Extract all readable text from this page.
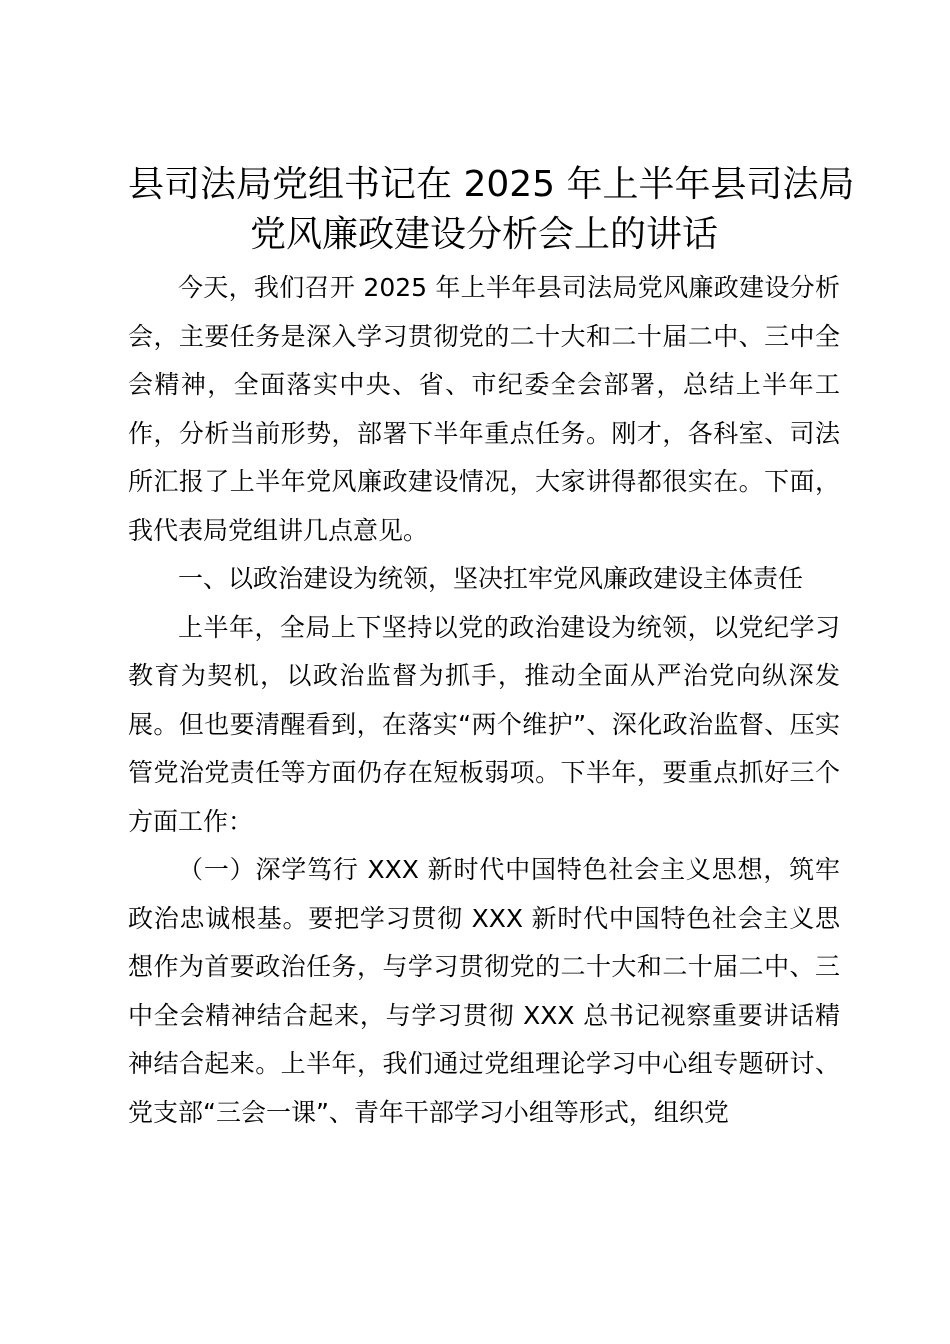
县司法局党组书记在 2025 年上半年县司法局
党风廉政建设分析会上的讲话

今天，我们召开 2025 年上半年县司法局党风廉政建设分析会，主要任务是深入学习贯彻党的二十大和二十届二中、三中全会精神，全面落实中央、省、市纪委全会部署，总结上半年工作，分析当前形势，部署下半年重点任务。刚才，各科室、司法所汇报了上半年党风廉政建设情况，大家讲得都很实在。下面，我代表局党组讲几点意见。

一、以政治建设为统领，坚决扛牢党风廉政建设主体责任

上半年，全局上下坚持以党的政治建设为统领，以党纪学习教育为契机，以政治监督为抓手，推动全面从严治党向纵深发展。但也要清醒看到，在落实“两个维护”、深化政治监督、压实管党治党责任等方面仍存在短板弱项。下半年，要重点抓好三个方面工作：

（一）深学笃行 XXX 新时代中国特色社会主义思想，筑牢政治忠诚根基。要把学习贯彻 XXX 新时代中国特色社会主义思想作为首要政治任务，与学习贯彻党的二十大和二十届二中、三中全会精神结合起来，与学习贯彻 XXX 总书记视察重要讲话精神结合起来。上半年，我们通过党组理论学习中心组专题研讨、党支部“三会一课”、青年干部学习小组等形式，组织党
